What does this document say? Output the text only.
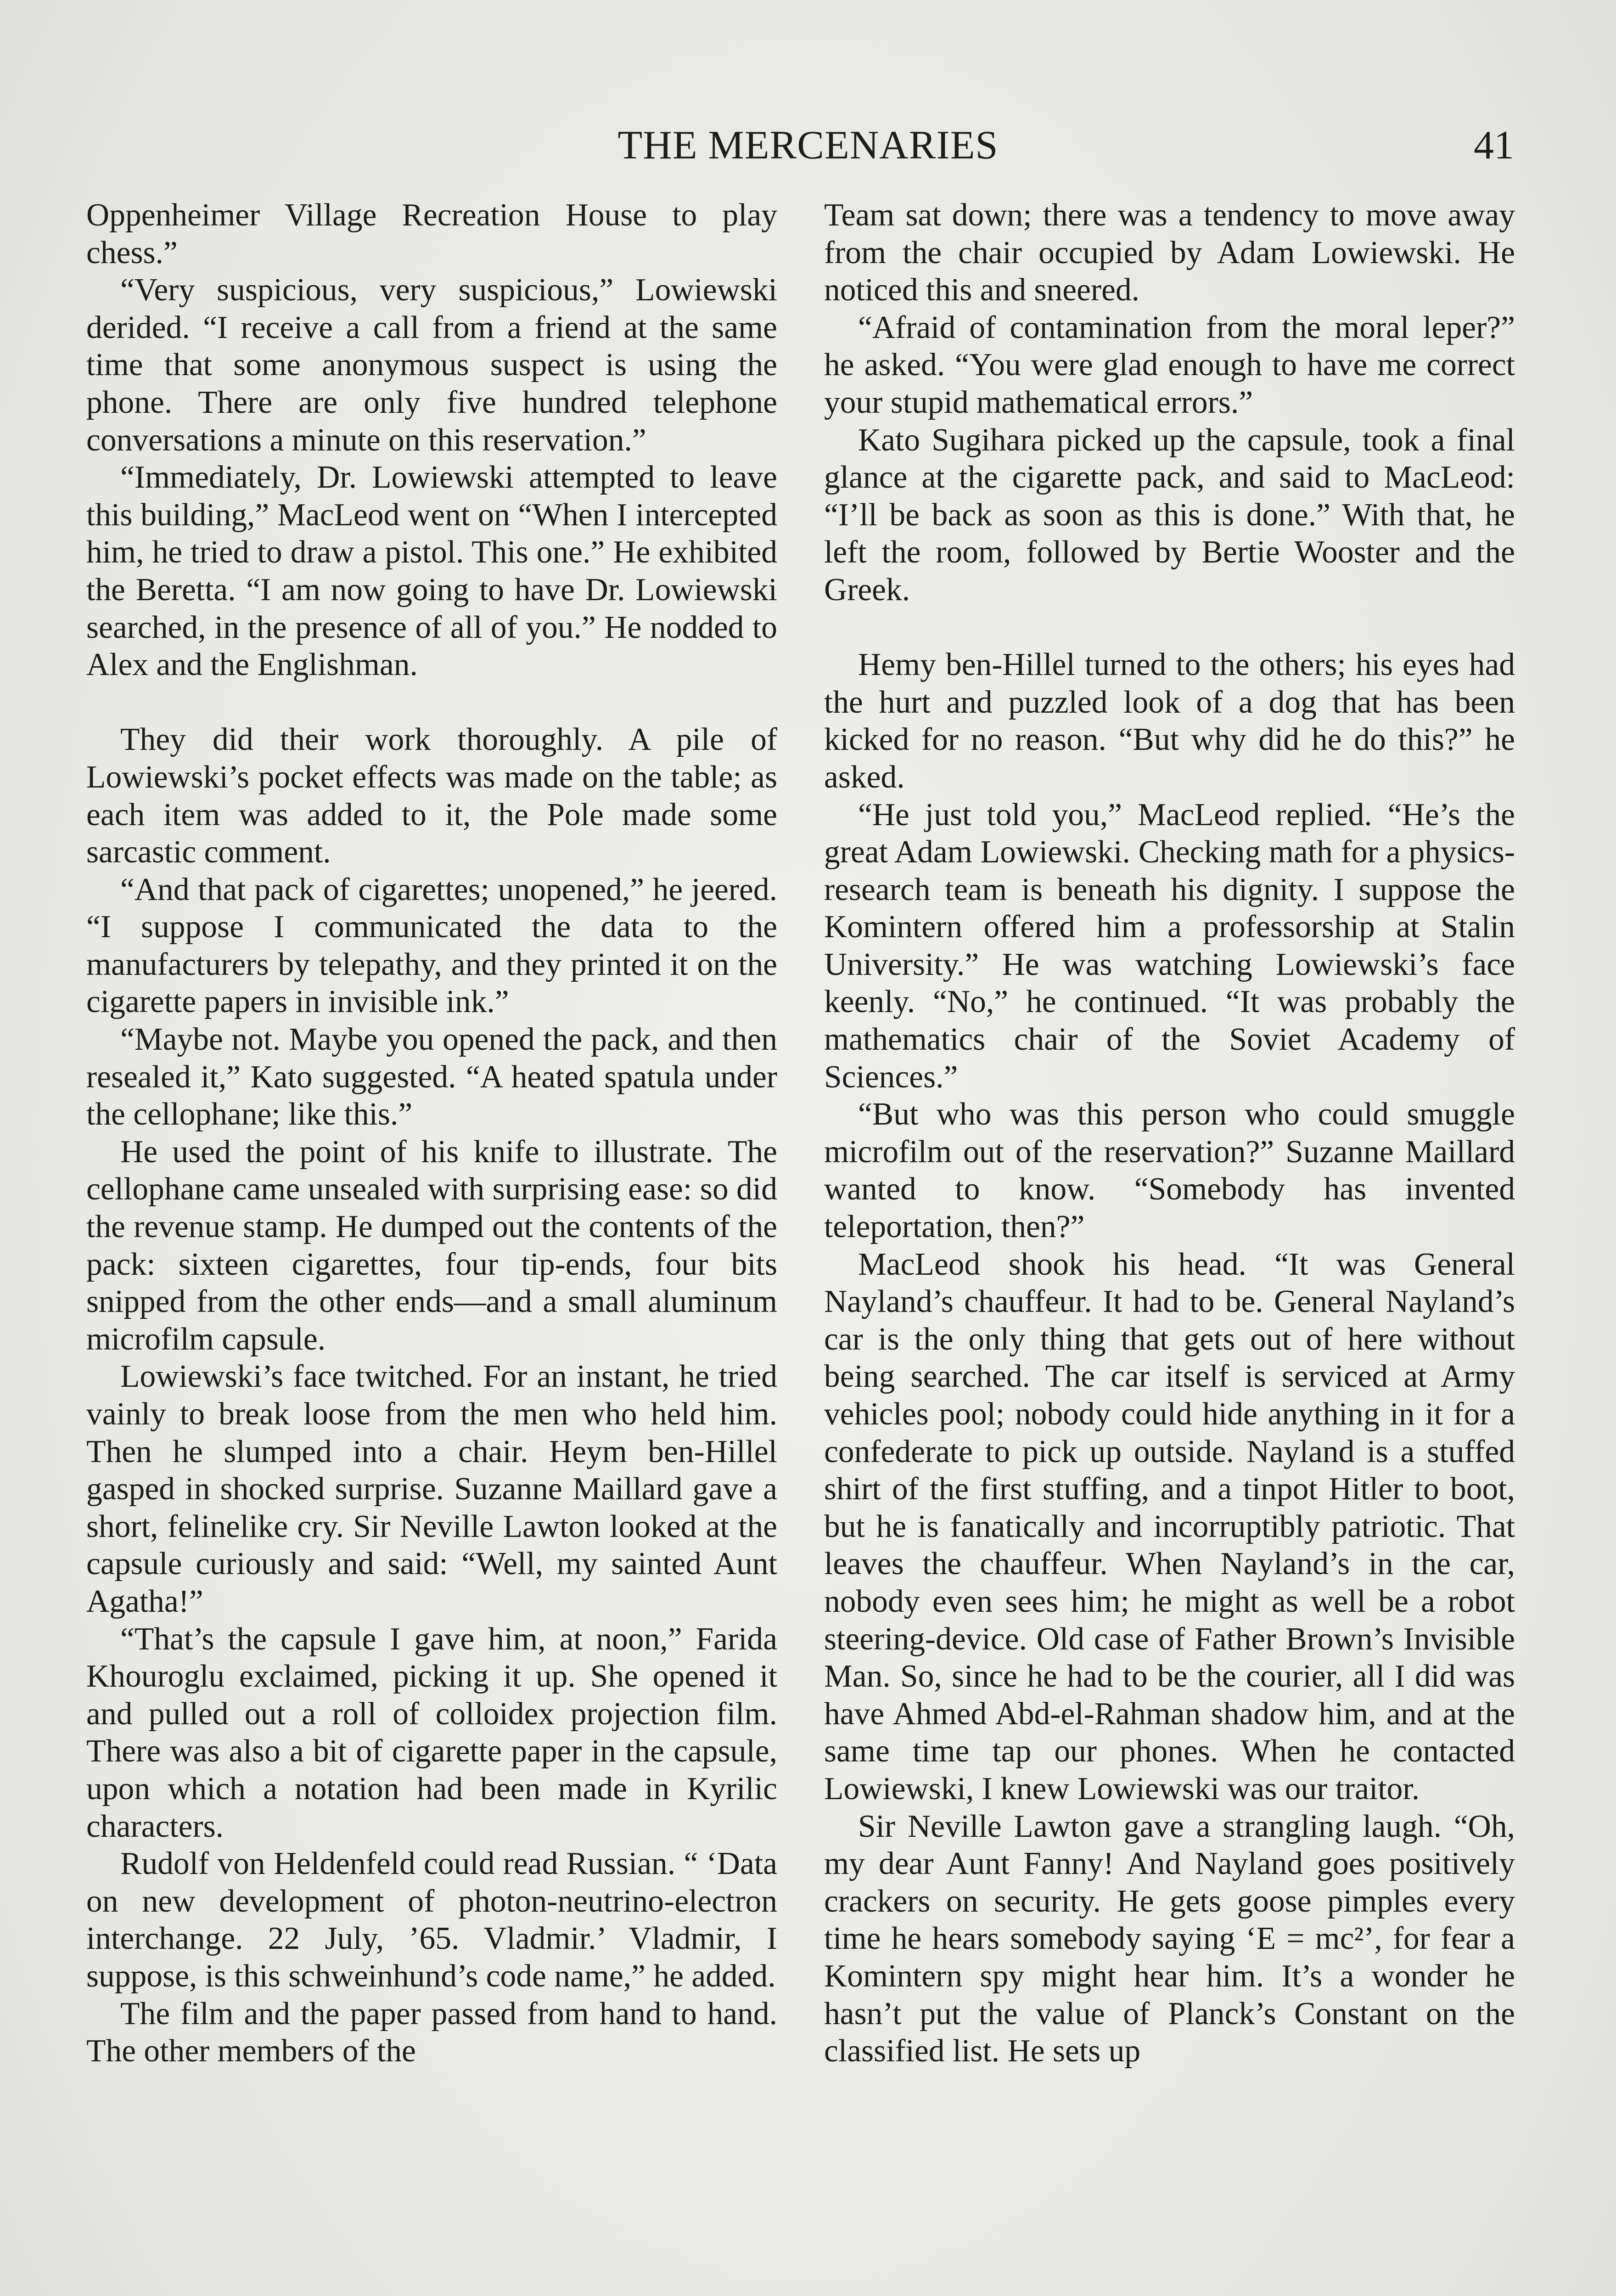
THE MERCENARIES	41

Oppenheimer Village Recreation House to play chess.”

“Very suspicious, very suspicious,” Lowiewski derided. “I receive a call from a friend at the same time that some anonymous suspect is using the phone. There are only five hundred telephone conversations a minute on this reservation.”

“Immediately, Dr. Lowiewski attempted to leave this building,” MacLeod went on “When I intercepted him, he tried to draw a pistol. This one.” He exhibited the Beretta. “I am now going to have Dr. Lowiewski searched, in the presence of all of you.” He nodded to Alex and the Englishman.

They did their work thoroughly. A pile of Lowiewski’s pocket effects was made on the table; as each item was added to it, the Pole made some sarcastic comment.

“And that pack of cigarettes; unopened,” he jeered. “I suppose I communicated the data to the manufacturers by telepathy, and they printed it on the cigarette papers in invisible ink.”

“Maybe not. Maybe you opened the pack, and then resealed it,” Kato suggested. “A heated spatula under the cellophane; like this.”

He used the point of his knife to illustrate. The cellophane came unsealed with surprising ease: so did the revenue stamp. He dumped out the contents of the pack: sixteen cigarettes, four tip-ends, four bits snipped from the other ends—and a small aluminum microfilm capsule.

Lowiewski’s face twitched. For an instant, he tried vainly to break loose from the men who held him. Then he slumped into a chair. Heym ben-Hillel gasped in shocked surprise. Suzanne Maillard gave a short, felinelike cry. Sir Neville Lawton looked at the capsule curiously and said: “Well, my sainted Aunt Agatha!”

“That’s the capsule I gave him, at noon,” Farida Khouroglu exclaimed, picking it up. She opened it and pulled out a roll of colloidex projection film. There was also a bit of cigarette paper in the capsule, upon which a notation had been made in Kyrilic characters.

Rudolf von Heldenfeld could read Russian. “ ‘Data on new development of photon-neutrino-electron interchange. 22 July, ’65. Vladmir.’ Vladmir, I suppose, is this schweinhund’s code name,” he added.

The film and the paper passed from hand to hand. The other members of the

Team sat down; there was a tendency to move away from the chair occupied by Adam Lowiewski. He noticed this and sneered.

“Afraid of contamination from the moral leper?” he asked. “You were glad enough to have me correct your stupid mathematical errors.”

Kato Sugihara picked up the capsule, took a final glance at the cigarette pack, and said to MacLeod: “I’ll be back as soon as this is done.” With that, he left the room, followed by Bertie Wooster and the Greek.

Hemy ben-Hillel turned to the others; his eyes had the hurt and puzzled look of a dog that has been kicked for no reason. “But why did he do this?” he asked.

“He just told you,” MacLeod replied. “He’s the great Adam Lowiewski. Checking math for a physics-research team is beneath his dignity. I suppose the Komintern offered him a professorship at Stalin University.” He was watching Lowiewski’s face keenly. “No,” he continued. “It was probably the mathematics chair of the Soviet Academy of Sciences.”

“But who was this person who could smuggle microfilm out of the reservation?” Suzanne Maillard wanted to know. “Somebody has invented teleportation, then?”

MacLeod shook his head. “It was General Nayland’s chauffeur. It had to be. General Nayland’s car is the only thing that gets out of here without being searched. The car itself is serviced at Army vehicles pool; nobody could hide anything in it for a confederate to pick up outside. Nayland is a stuffed shirt of the first stuffing, and a tinpot Hitler to boot, but he is fanatically and incorruptibly patriotic. That leaves the chauffeur. When Nayland’s in the car, nobody even sees him; he might as well be a robot steering-device. Old case of Father Brown’s Invisible Man. So, since he had to be the courier, all I did was have Ahmed Abd-el-Rahman shadow him, and at the same time tap our phones. When he contacted Lowiewski, I knew Lowiewski was our traitor.

Sir Neville Lawton gave a strangling laugh. “Oh, my dear Aunt Fanny! And Nayland goes positively crackers on security. He gets goose pimples every time he hears somebody saying ‘E = mc²’, for fear a Komintern spy might hear him. It’s a wonder he hasn’t put the value of Planck’s Constant on the classified list. He sets up
